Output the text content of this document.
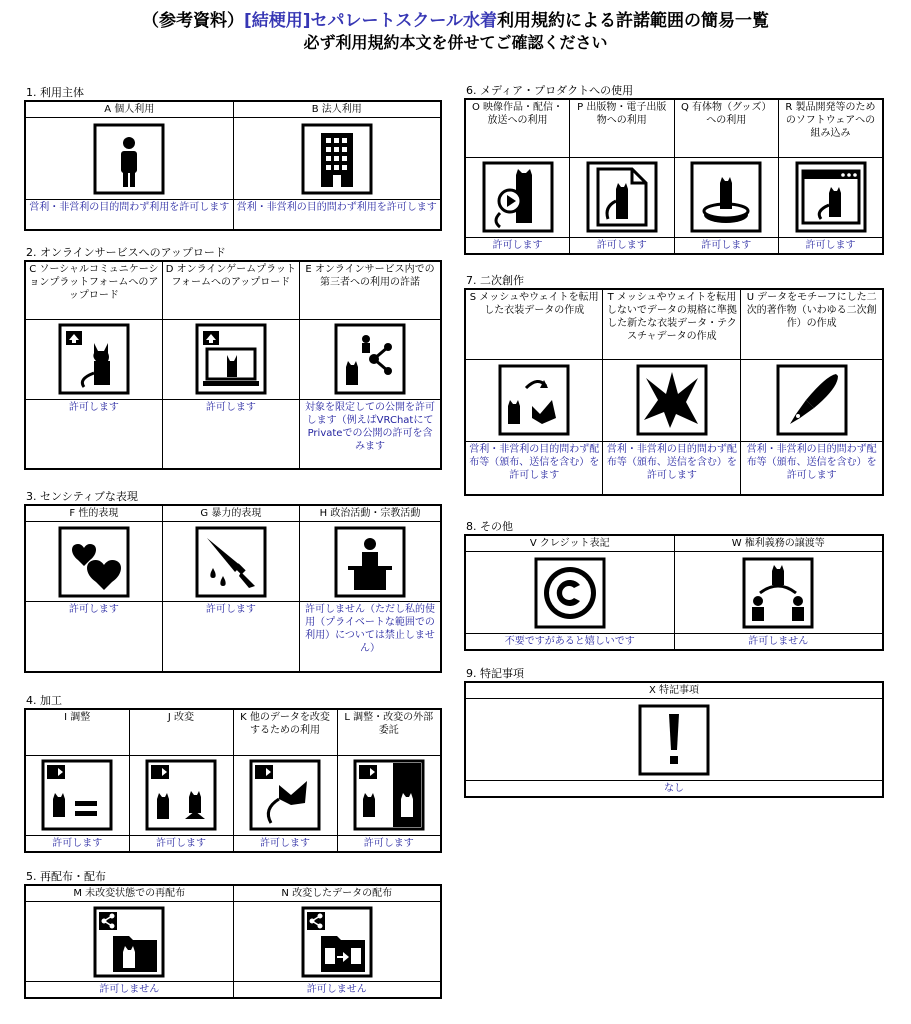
（参考資料）[結梗用]セパレートスクール水着利用規約による許諾範囲の簡易一覧
必ず利用規約本文を併せてご確認ください
1. 利用主体
A 個人利用	B 法人利用

営利・非営利の目的問わず利用を許可します	営利・非営利の目的問わず利用を許可します
2. オンラインサービスへのアップロード
C ソーシャルコミュニケーションプラットフォームへのアップロード	D オンラインゲームプラットフォームへのアップロード	E オンラインサービス内での第三者への利用の許諾

許可します	許可します	対象を限定しての公開を許可します（例えばVRChatにてPrivateでの公開の許可を含みます
3. センシティブな表現
F 性的表現	G 暴力的表現	H 政治活動・宗教活動

許可します	許可します	許可しません（ただし私的使用（プライベートな範囲での利用）については禁止しません）
4. 加工
I 調整	J 改変	K 他のデータを改変するための利用	L 調整・改変の外部委託

許可します	許可します	許可します	許可します
5. 再配布・配布
M 未改変状態での再配布	N 改変したデータの配布

許可しません	許可しません
6. メディア・プロダクトへの使用
O 映像作品・配信・放送への利用	P 出版物・電子出版物への利用	Q 有体物（グッズ）への利用	R 製品開発等のためのソフトウェアへの組み込み

許可します	許可します	許可します	許可します
7. 二次創作
S メッシュやウェイトを転用した衣装データの作成	T メッシュやウェイトを転用しないでデータの規格に準拠した新たな衣装データ・テクスチャデータの作成	U データをモチーフにした二次的著作物（いわゆる二次創作）の作成

営利・非営利の目的問わず配布等（頒布、送信を含む）を許可します	営利・非営利の目的問わず配布等（頒布、送信を含む）を許可します	営利・非営利の目的問わず配布等（頒布、送信を含む）を許可します
8. その他
V クレジット表記	W 権利義務の譲渡等

不要ですがあると嬉しいです	許可しません
9. 特記事項
X 特記事項

なし
